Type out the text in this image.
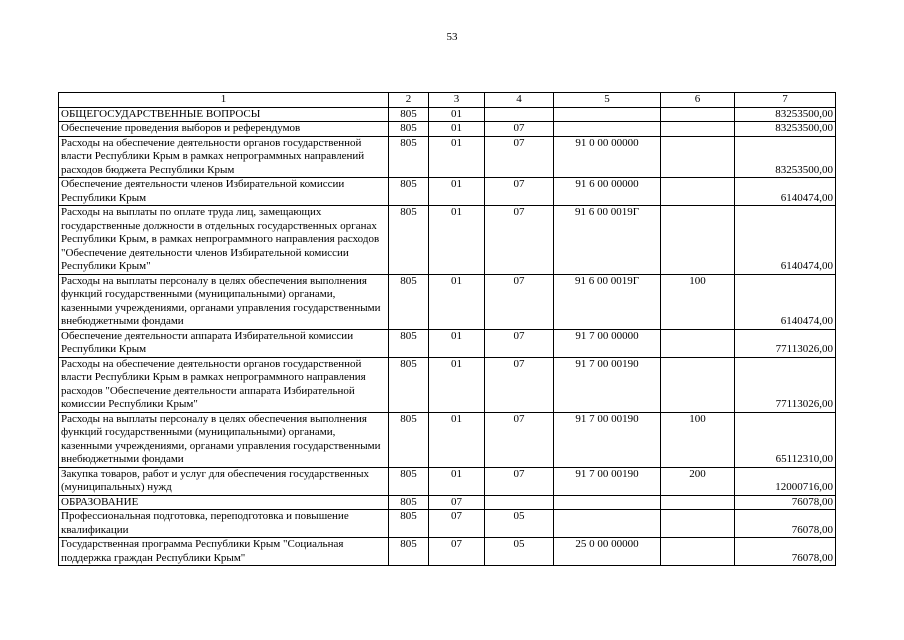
53
1	2	3	4	5	6	7
ОБЩЕГОСУДАРСТВЕННЫЕ ВОПРОСЫ	805	01				83253500,00
Обеспечение проведения выборов и референдумов	805	01	07			83253500,00
Расходы на обеспечение деятельности органов государственной власти Республики Крым в рамках непрограммных направлений расходов бюджета Республики Крым	805	01	07	91 0 00 00000		83253500,00
Обеспечение деятельности членов Избирательной комиссии Республики Крым	805	01	07	91 6 00 00000		6140474,00
Расходы на выплаты по оплате труда лиц, замещающих государственные должности в отдельных государственных органах Республики Крым, в рамках непрограммного направления расходов "Обеспечение деятельности членов Избирательной комиссии Республики Крым"	805	01	07	91 6 00 0019Г		6140474,00
Расходы на выплаты персоналу в целях обеспечения выполнения функций государственными (муниципальными) органами, казенными учреждениями, органами управления государственными внебюджетными фондами	805	01	07	91 6 00 0019Г	100	6140474,00
Обеспечение деятельности аппарата Избирательной комиссии Республики Крым	805	01	07	91 7 00 00000		77113026,00
Расходы на обеспечение деятельности органов государственной власти Республики Крым в рамках непрограммного направления расходов "Обеспечение деятельности аппарата Избирательной комиссии Республики Крым"	805	01	07	91 7 00 00190		77113026,00
Расходы на выплаты персоналу в целях обеспечения выполнения функций государственными (муниципальными) органами, казенными учреждениями, органами управления государственными внебюджетными фондами	805	01	07	91 7 00 00190	100	65112310,00
Закупка товаров, работ и услуг для обеспечения государственных (муниципальных) нужд	805	01	07	91 7 00 00190	200	12000716,00
ОБРАЗОВАНИЕ	805	07				76078,00
Профессиональная подготовка, переподготовка и повышение квалификации	805	07	05			76078,00
Государственная программа Республики Крым "Социальная поддержка граждан Республики Крым"	805	07	05	25 0 00 00000		76078,00
